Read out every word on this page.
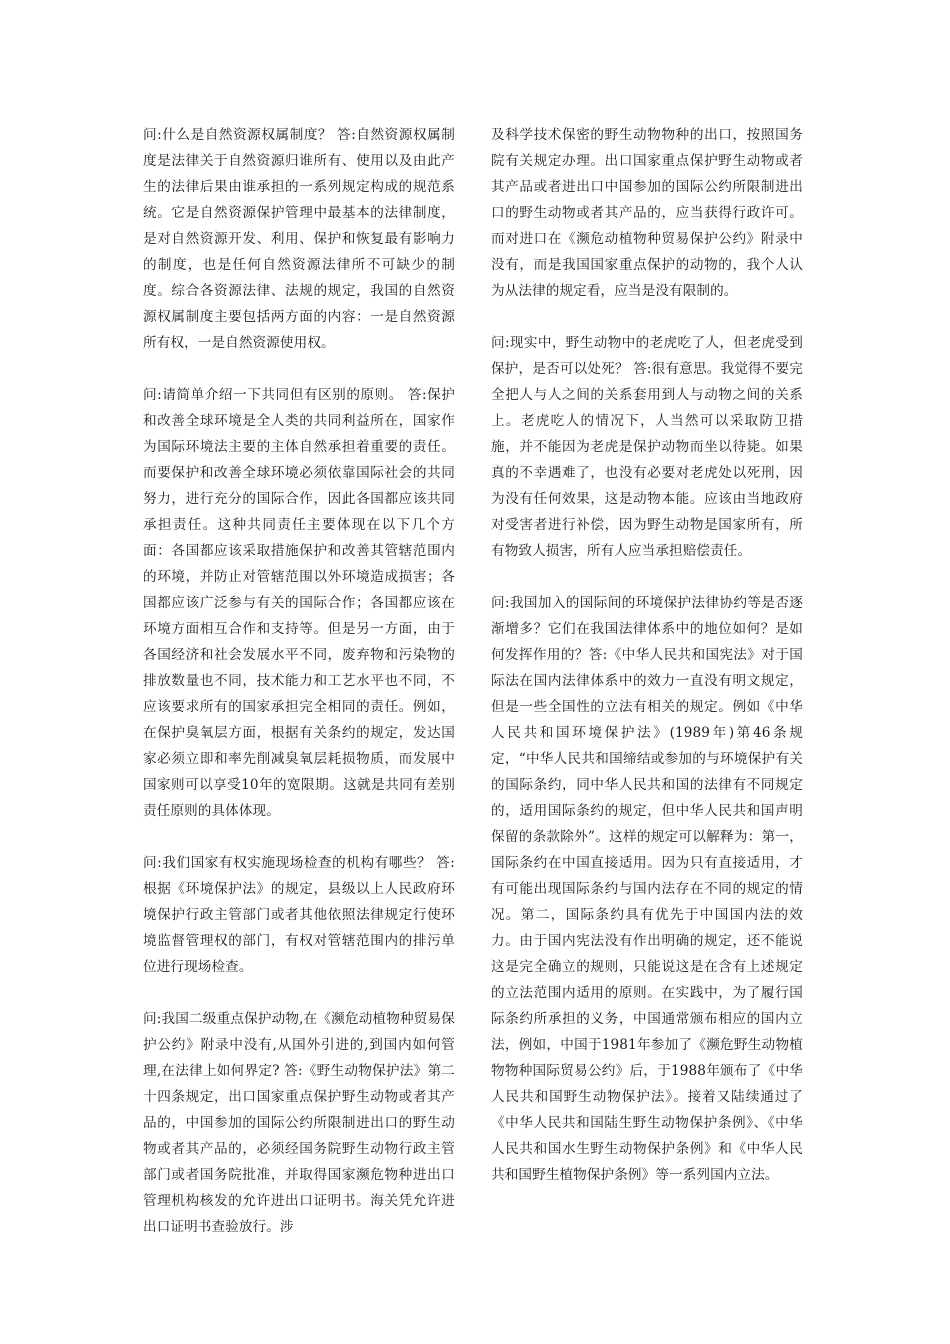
问:什么是自然资源权属制度？ 答:自然资源权属制度是法律关于自然资源归谁所有、使用以及由此产生的法律后果由谁承担的一系列规定构成的规范系统。它是自然资源保护管理中最基本的法律制度，是对自然资源开发、利用、保护和恢复最有影响力的制度，也是任何自然资源法律所不可缺少的制度。综合各资源法律、法规的规定，我国的自然资源权属制度主要包括两方面的内容：一是自然资源所有权，一是自然资源使用权。

问:请简单介绍一下共同但有区别的原则。 答:保护和改善全球环境是全人类的共同利益所在，国家作为国际环境法主要的主体自然承担着重要的责任。而要保护和改善全球环境必须依靠国际社会的共同努力，进行充分的国际合作，因此各国都应该共同承担责任。这种共同责任主要体现在以下几个方面：各国都应该采取措施保护和改善其管辖范围内的环境，并防止对管辖范围以外环境造成损害；各国都应该广泛参与有关的国际合作；各国都应该在环境方面相互合作和支持等。但是另一方面，由于各国经济和社会发展水平不同，废弃物和污染物的排放数量也不同，技术能力和工艺水平也不同，不应该要求所有的国家承担完全相同的责任。例如，在保护臭氧层方面，根据有关条约的规定，发达国家必须立即和率先削减臭氧层耗损物质，而发展中国家则可以享受10年的宽限期。这就是共同有差别责任原则的具体体现。

问:我们国家有权实施现场检查的机构有哪些？ 答:根据《环境保护法》的规定，县级以上人民政府环境保护行政主管部门或者其他依照法律规定行使环境监督管理权的部门，有权对管辖范围内的排污单位进行现场检查。

问:我国二级重点保护动物,在《濒危动植物种贸易保护公约》附录中没有,从国外引进的,到国内如何管理,在法律上如何界定? 答:《野生动物保护法》第二十四条规定，出口国家重点保护野生动物或者其产品的，中国参加的国际公约所限制进出口的野生动物或者其产品的，必须经国务院野生动物行政主管部门或者国务院批准，并取得国家濒危物种进出口管理机构核发的允许进出口证明书。海关凭允许进出口证明书查验放行。涉

及科学技术保密的野生动物物种的出口，按照国务院有关规定办理。出口国家重点保护野生动物或者其产品或者进出口中国参加的国际公约所限制进出口的野生动物或者其产品的，应当获得行政许可。而对进口在《濒危动植物种贸易保护公约》附录中没有，而是我国国家重点保护的动物的，我个人认为从法律的规定看，应当是没有限制的。

问:现实中，野生动物中的老虎吃了人，但老虎受到保护，是否可以处死？ 答:很有意思。我觉得不要完全把人与人之间的关系套用到人与动物之间的关系上。老虎吃人的情况下，人当然可以采取防卫措施，并不能因为老虎是保护动物而坐以待毙。如果真的不幸遇难了，也没有必要对老虎处以死刑，因为没有任何效果，这是动物本能。应该由当地政府对受害者进行补偿，因为野生动物是国家所有，所有物致人损害，所有人应当承担赔偿责任。

问:我国加入的国际间的环境保护法律协约等是否逐渐增多？它们在我国法律体系中的地位如何？是如何发挥作用的？答:《中华人民共和国宪法》对于国际法在国内法律体系中的效力一直没有明文规定，但是一些全国性的立法有相关的规定。例如《中华人民共和国环境保护法》(1989年)第46条规定，“中华人民共和国缔结或参加的与环境保护有关的国际条约，同中华人民共和国的法律有不同规定的，适用国际条约的规定，但中华人民共和国声明保留的条款除外”。这样的规定可以解释为：第一，国际条约在中国直接适用。因为只有直接适用，才有可能出现国际条约与国内法存在不同的规定的情况。第二，国际条约具有优先于中国国内法的效力。由于国内宪法没有作出明确的规定，还不能说这是完全确立的规则，只能说这是在含有上述规定的立法范围内适用的原则。在实践中，为了履行国际条约所承担的义务，中国通常颁布相应的国内立法，例如，中国于1981年参加了《濒危野生动物植物物种国际贸易公约》后，于1988年颁布了《中华人民共和国野生动物保护法》。接着又陆续通过了《中华人民共和国陆生野生动物保护条例》、《中华人民共和国水生野生动物保护条例》和《中华人民共和国野生植物保护条例》等一系列国内立法。
